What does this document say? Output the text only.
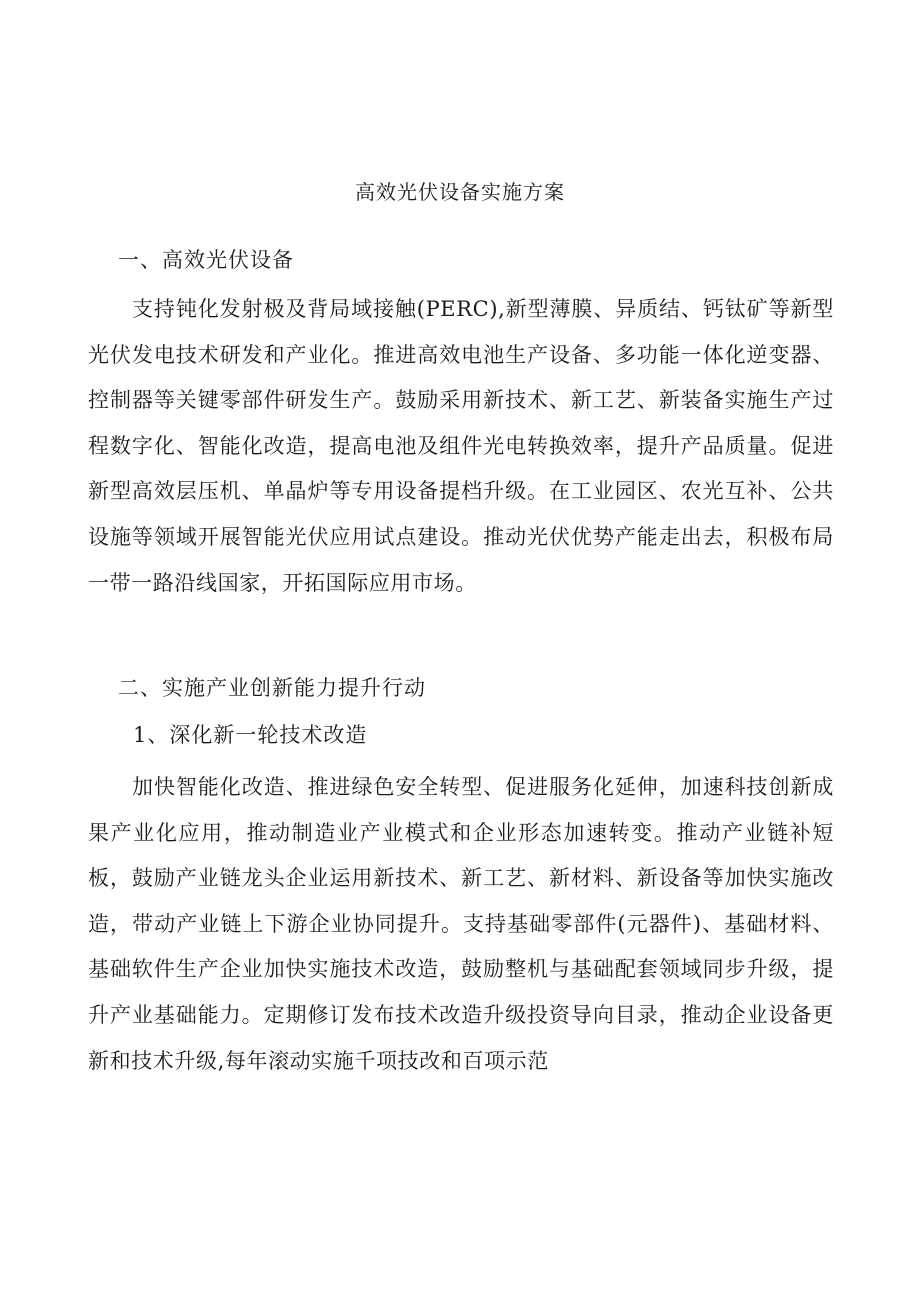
高效光伏设备实施方案
一、高效光伏设备

支持钝化发射极及背局域接触(PERC),新型薄膜、异质结、钙钛矿等新型光伏发电技术研发和产业化。推进高效电池生产设备、多功能一体化逆变器、控制器等关键零部件研发生产。鼓励采用新技术、新工艺、新装备实施生产过程数字化、智能化改造，提高电池及组件光电转换效率，提升产品质量。促进新型高效层压机、单晶炉等专用设备提档升级。在工业园区、农光互补、公共设施等领域开展智能光伏应用试点建设。推动光伏优势产能走出去，积极布局一带一路沿线国家，开拓国际应用市场。

二、实施产业创新能力提升行动
1、深化新一轮技术改造

加快智能化改造、推进绿色安全转型、促进服务化延伸，加速科技创新成果产业化应用，推动制造业产业模式和企业形态加速转变。推动产业链补短板，鼓励产业链龙头企业运用新技术、新工艺、新材料、新设备等加快实施改造，带动产业链上下游企业协同提升。支持基础零部件(元器件)、基础材料、基础软件生产企业加快实施技术改造，鼓励整机与基础配套领域同步升级，提升产业基础能力。定期修订发布技术改造升级投资导向目录，推动企业设备更新和技术升级,每年滚动实施千项技改和百项示范
